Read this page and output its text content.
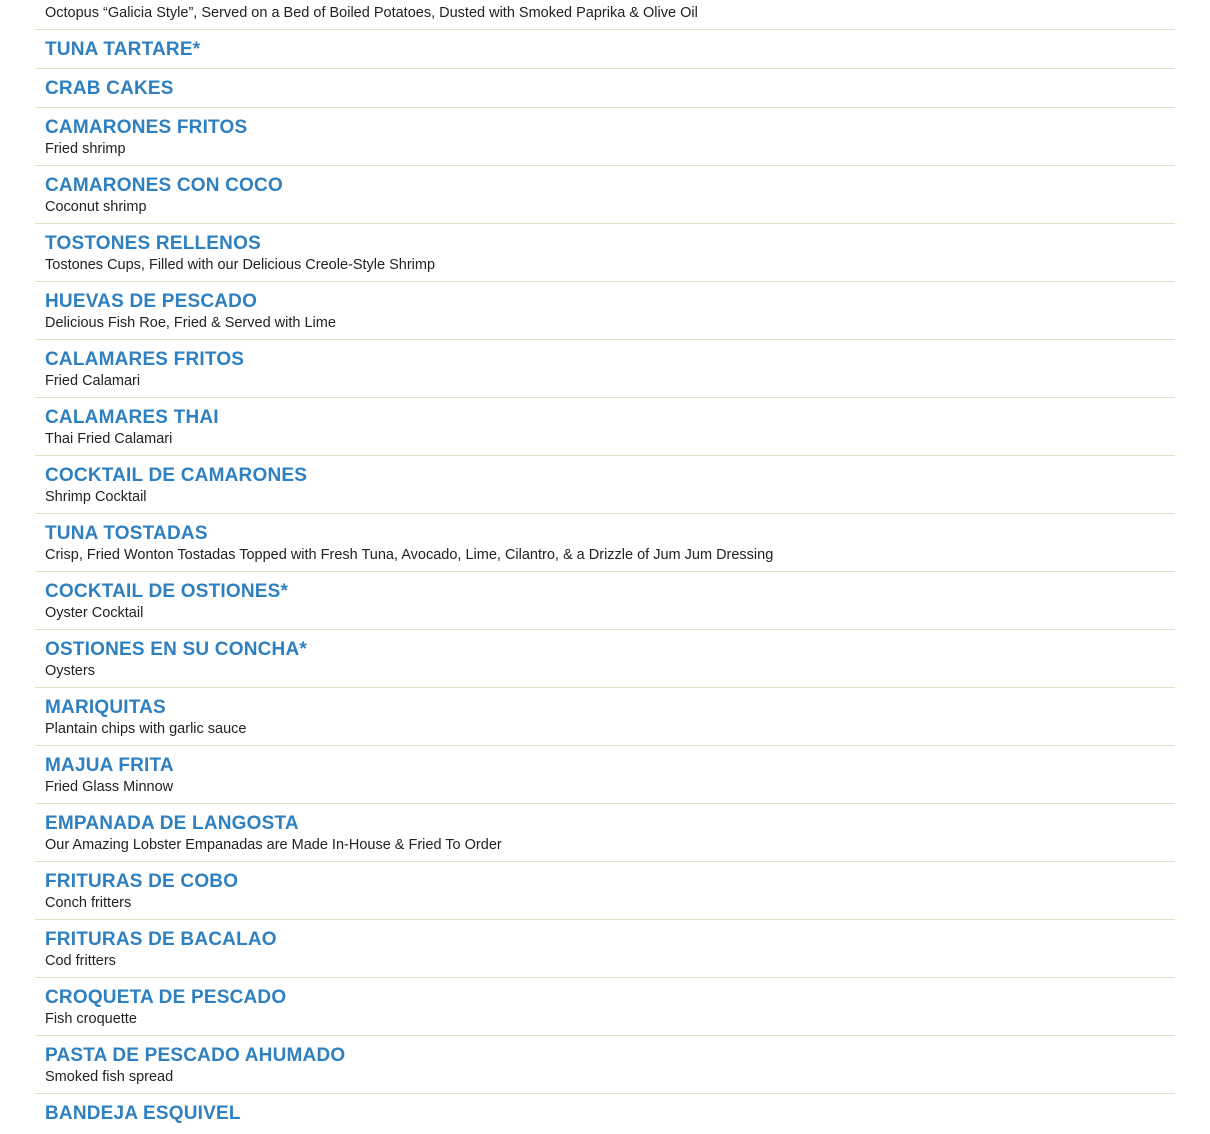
Octopus “Galicia Style”, Served on a Bed of Boiled Potatoes, Dusted with Smoked Paprika & Olive Oil
TUNA TARTARE*
CRAB CAKES
CAMARONES FRITOS
Fried shrimp
CAMARONES CON COCO
Coconut shrimp
TOSTONES RELLENOS
Tostones Cups, Filled with our Delicious Creole-Style Shrimp
HUEVAS DE PESCADO
Delicious Fish Roe, Fried & Served with Lime
CALAMARES FRITOS
Fried Calamari
CALAMARES THAI
Thai Fried Calamari
COCKTAIL DE CAMARONES
Shrimp Cocktail
TUNA TOSTADAS
Crisp, Fried Wonton Tostadas Topped with Fresh Tuna, Avocado, Lime, Cilantro, & a Drizzle of Jum Jum Dressing
COCKTAIL DE OSTIONES*
Oyster Cocktail
OSTIONES EN SU CONCHA*
Oysters
MARIQUITAS
Plantain chips with garlic sauce
MAJUA FRITA
Fried Glass Minnow
EMPANADA DE LANGOSTA
Our Amazing Lobster Empanadas are Made In-House & Fried To Order
FRITURAS DE COBO
Conch fritters
FRITURAS DE BACALAO
Cod fritters
CROQUETA DE PESCADO
Fish croquette
PASTA DE PESCADO AHUMADO
Smoked fish spread
BANDEJA ESQUIVEL
